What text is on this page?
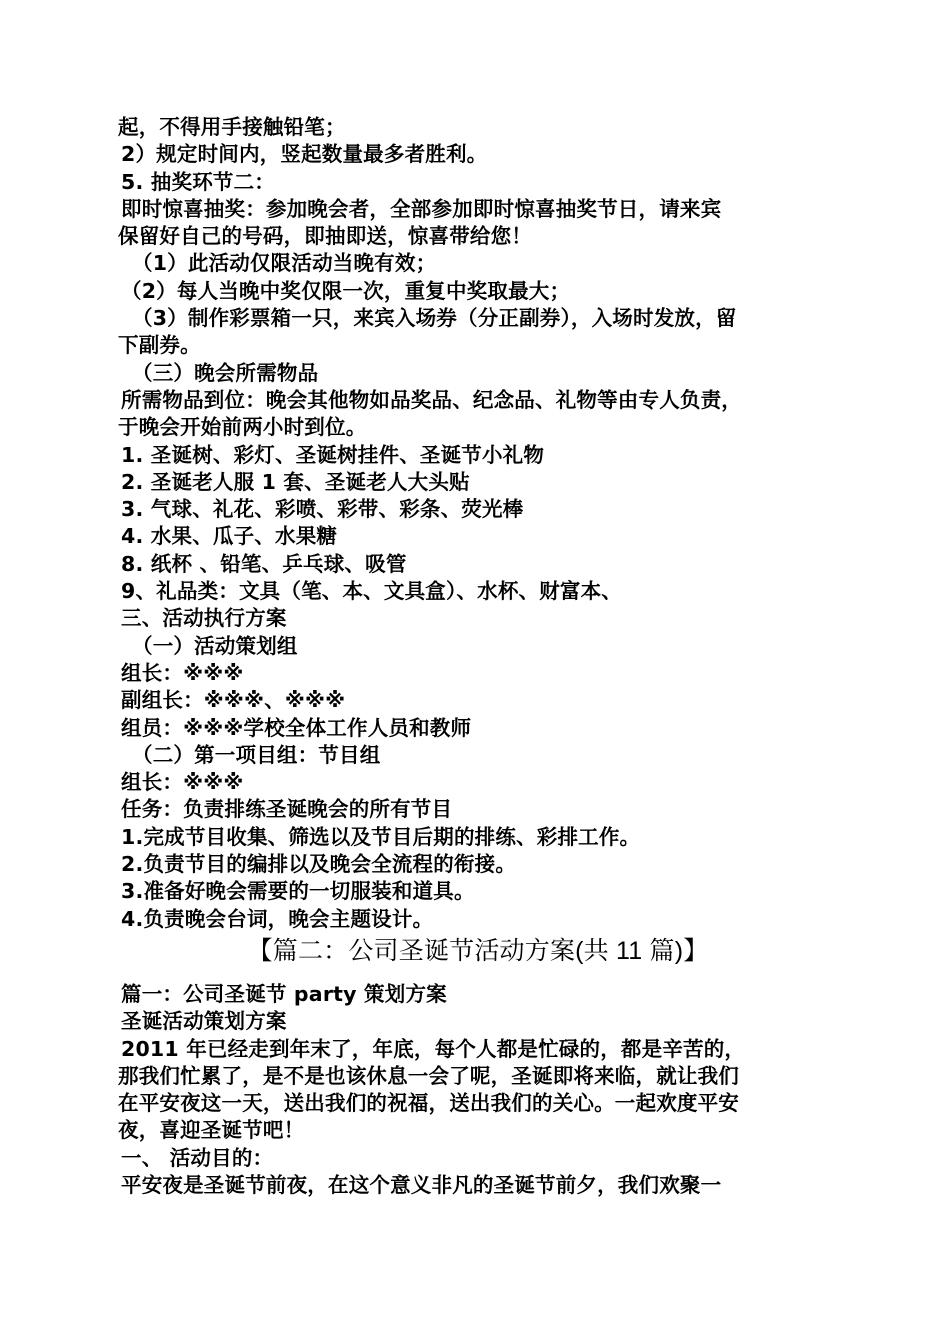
起，不得用手接触铅笔；
2）规定时间内，竖起数量最多者胜利。
5. 抽奖环节二：
即时惊喜抽奖：参加晚会者，全部参加即时惊喜抽奖节日，请来宾
保留好自己的号码，即抽即送，惊喜带给您！
（1）此活动仅限活动当晚有效；
（2）每人当晚中奖仅限一次，重复中奖取最大；
（3）制作彩票箱一只，来宾入场券（分正副券），入场时发放，留
下副券。
（三）晚会所需物品
所需物品到位：晚会其他物如品奖品、纪念品、礼物等由专人负责，
于晚会开始前两小时到位。
1. 圣诞树、彩灯、圣诞树挂件、圣诞节小礼物
2. 圣诞老人服 1 套、圣诞老人大头贴
3. 气球、礼花、彩喷、彩带、彩条、荧光棒
4. 水果、瓜子、水果糖
8. 纸杯 、铅笔、乒乓球、吸管
9、礼品类：文具（笔、本、文具盒）、水杯、财富本、
三、活动执行方案
（一）活动策划组
组长：※※※
副组长：※※※、※※※
组员：※※※学校全体工作人员和教师
（二）第一项目组：节目组
组长：※※※
任务：负责排练圣诞晚会的所有节目
1.完成节目收集、筛选以及节目后期的排练、彩排工作。
2.负责节目的编排以及晚会全流程的衔接。
3.准备好晚会需要的一切服装和道具。
4.负责晚会台词，晚会主题设计。
【篇二：公司圣诞节活动方案(共 11 篇)】
篇一：公司圣诞节 party 策划方案
圣诞活动策划方案
2011 年已经走到年末了，年底，每个人都是忙碌的，都是辛苦的，
那我们忙累了，是不是也该休息一会了呢，圣诞即将来临，就让我们
在平安夜这一天，送出我们的祝福，送出我们的关心。一起欢度平安
夜，喜迎圣诞节吧！
一、 活动目的：
平安夜是圣诞节前夜，在这个意义非凡的圣诞节前夕，我们欢聚一
